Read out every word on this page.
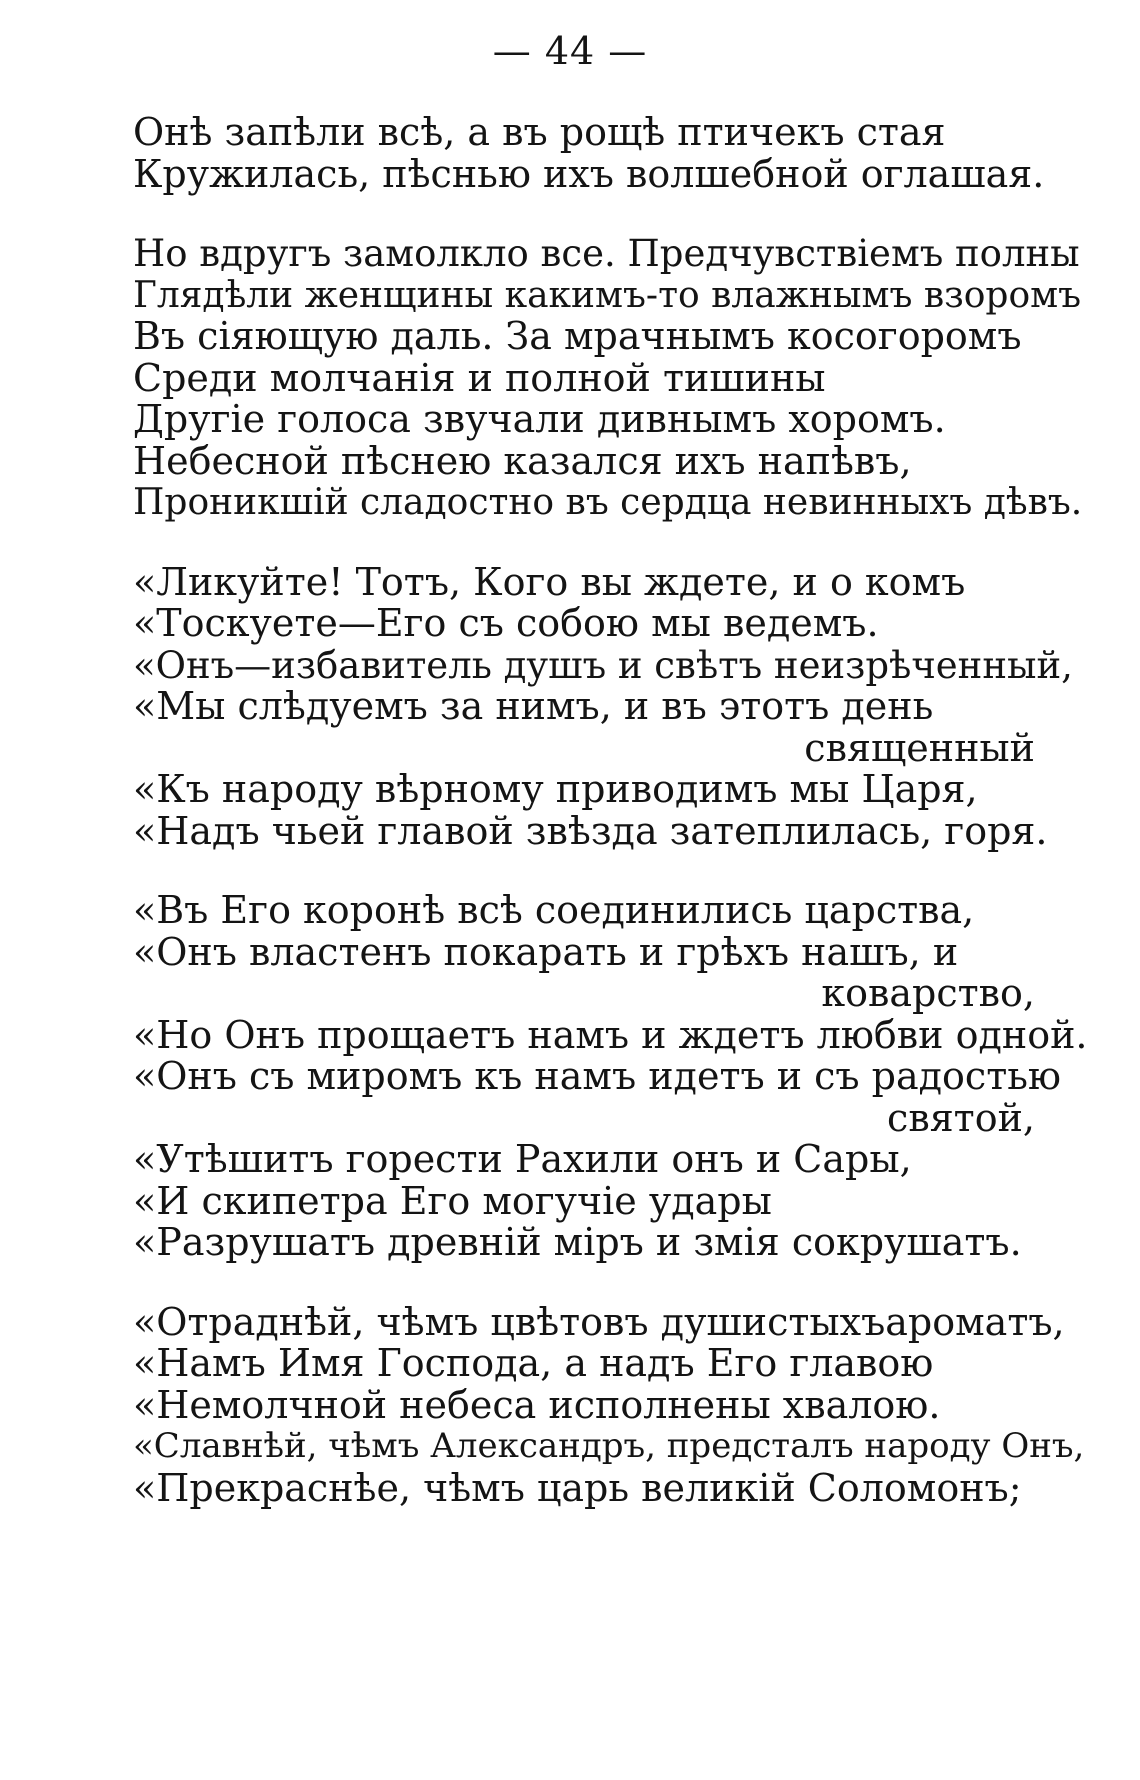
— 44 —
Онѣ запѣли всѣ, а въ рощѣ птичекъ стая
Кружилась, пѣснью ихъ волшебной оглашая.
Но вдругъ замолкло все. Предчувствіемъ полны
Глядѣли женщины какимъ-то влажнымъ взоромъ
Въ сіяющую даль. За мрачнымъ косогоромъ
Среди молчанія и полной тишины
Другіе голоса звучали дивнымъ хоромъ.
Небесной пѣснею казался ихъ напѣвъ,
Проникшій сладостно въ сердца невинныхъ дѣвъ.
«Ликуйте! Тотъ, Кого вы ждете, и о комъ
«Тоскуете—Его съ собою мы ведемъ.
«Онъ—избавитель душъ и свѣтъ неизрѣченный,
«Мы слѣдуемъ за нимъ, и въ этотъ день
священный
«Къ народу вѣрному приводимъ мы Царя,
«Надъ чьей главой звѣзда затеплилась, горя.
«Въ Его коронѣ всѣ соединились царства,
«Онъ властенъ покарать и грѣхъ нашъ, и
коварство,
«Но Онъ прощаетъ намъ и ждетъ любви одной.
«Онъ съ миромъ къ намъ идетъ и съ радостью
святой,
«Утѣшитъ горести Рахили онъ и Сары,
«И скипетра Его могучіе удары
«Разрушатъ древній міръ и змія сокрушатъ.
«Отраднѣй, чѣмъ цвѣтовъ душистыхъароматъ,
«Намъ Имя Господа, а надъ Его главою
«Немолчной небеса исполнены хвалою.
«Славнѣй, чѣмъ Александръ, предсталъ народу Онъ,
«Прекраснѣе, чѣмъ царь великій Соломонъ;
